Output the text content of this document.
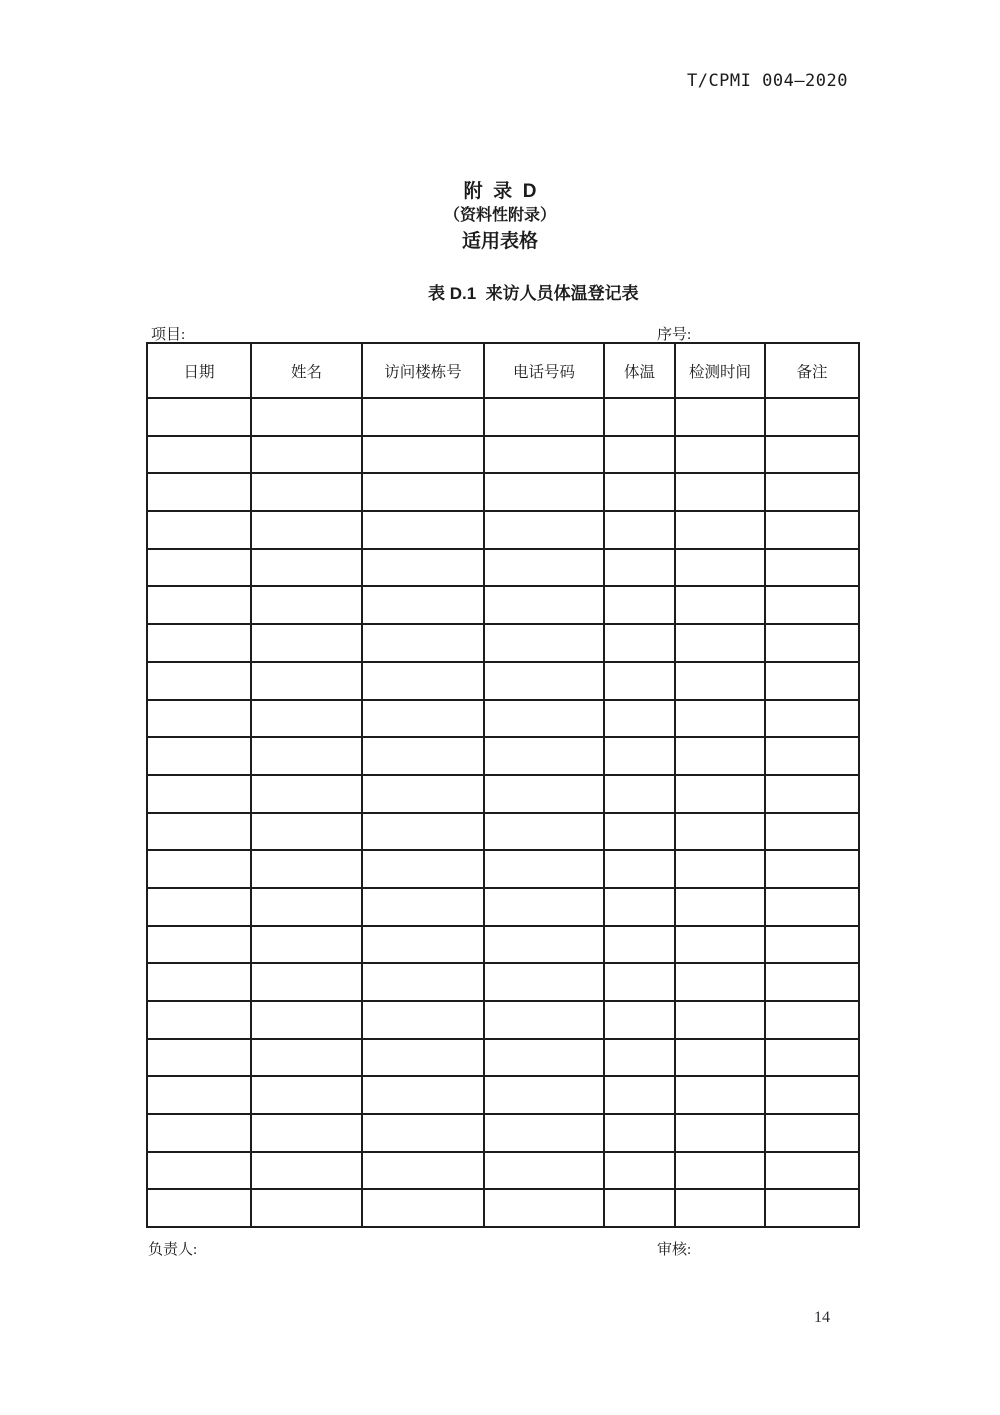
T/CPMI 004—2020
附  录  D
（资料性附录）
适用表格
表 D.1  来访人员体温登记表
项目:	序号:
日期	姓名	访问楼栋号	电话号码	体温	检测时间	备注

负责人:	审核:
14
